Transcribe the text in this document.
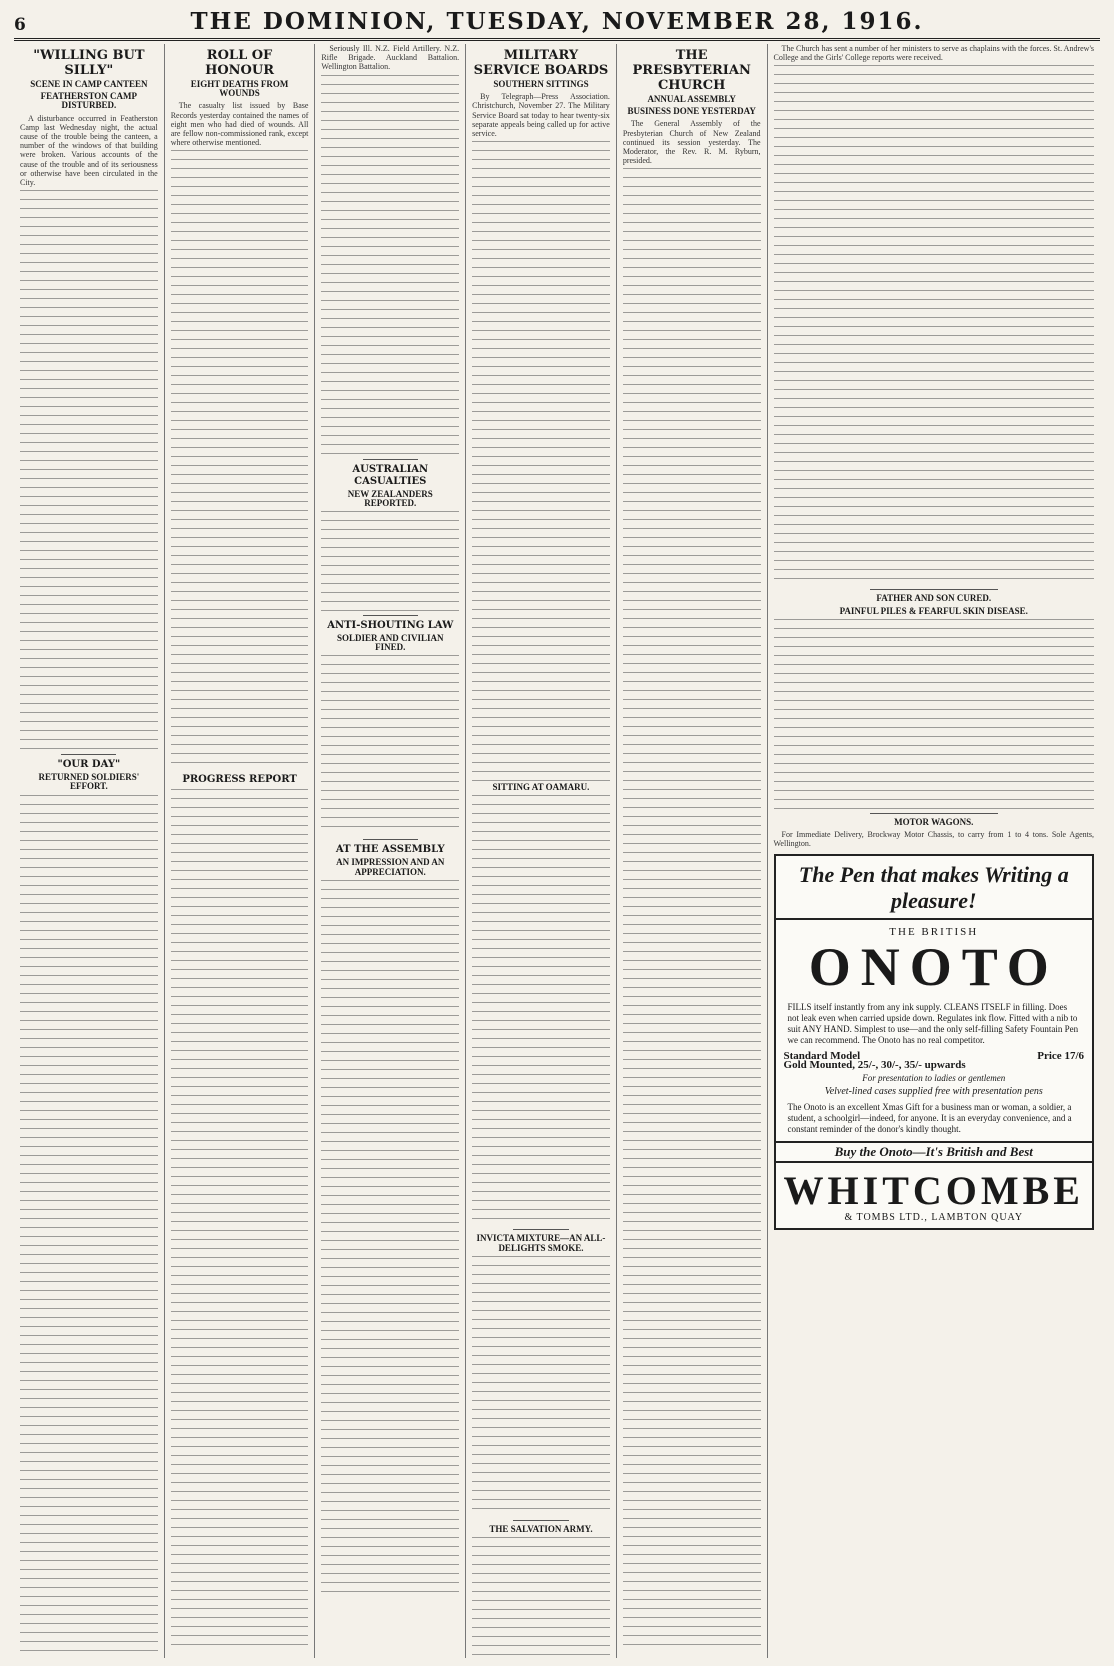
6	THE DOMINION, TUESDAY, NOVEMBER 28, 1916.
"WILLING BUT SILLY"
SCENE IN CAMP CANTEEN
FEATHERSTON CAMP DISTURBED.
A disturbance occurred in Featherston Camp last Wednesday night, the actual cause of the trouble being the canteen, a number of the windows of that building were broken. Various accounts of the cause of the trouble and of its seriousness or otherwise have been circulated in the City.
"OUR DAY"
RETURNED SOLDIERS' EFFORT.
ROLL OF HONOUR
EIGHT DEATHS FROM WOUNDS
The casualty list issued by Base Records yesterday contained the names of eight men who had died of wounds. All are fellow non-commissioned rank, except where otherwise mentioned.
PROGRESS REPORT
Seriously Ill. N.Z. Field Artillery. N.Z. Rifle Brigade. Auckland Battalion. Wellington Battalion.
AUSTRALIAN CASUALTIES
NEW ZEALANDERS REPORTED.
ANTI-SHOUTING LAW
SOLDIER AND CIVILIAN FINED.
AT THE ASSEMBLY
AN IMPRESSION AND AN APPRECIATION.
MILITARY SERVICE BOARDS
SOUTHERN SITTINGS
By Telegraph—Press Association. Christchurch, November 27. The Military Service Board sat today to hear twenty-six separate appeals being called up for active service.
SITTING AT OAMARU.
INVICTA MIXTURE—AN ALL-DELIGHTS SMOKE.
THE SALVATION ARMY.
THE PRESBYTERIAN CHURCH
ANNUAL ASSEMBLY
BUSINESS DONE YESTERDAY
The General Assembly of the Presbyterian Church of New Zealand continued its session yesterday. The Moderator, the Rev. R. M. Ryburn, presided.
The Church has sent a number of her ministers to serve as chaplains with the forces. St. Andrew's College and the Girls' College reports were received.
FATHER AND SON CURED.
PAINFUL PILES & FEARFUL SKIN DISEASE.
MOTOR WAGONS.
For Immediate Delivery, Brockway Motor Chassis, to carry from 1 to 4 tons. Sole Agents, Wellington.
The Pen that makes Writing a pleasure!
THE BRITISH
ONOTO
FILLS itself instantly from any ink supply. CLEANS ITSELF in filling. Does not leak even when carried upside down. Regulates ink flow. Fitted with a nib to suit ANY HAND. Simplest to use—and the only self-filling Safety Fountain Pen we can recommend. The Onoto has no real competitor.
Standard Model	Price 17/6
Gold Mounted, 25/-, 30/-, 35/- upwards
For presentation to ladies or gentlemen
Velvet-lined cases supplied free with presentation pens
The Onoto is an excellent Xmas Gift for a business man or woman, a soldier, a student, a schoolgirl—indeed, for anyone. It is an everyday convenience, and a constant reminder of the donor's kindly thought.
Buy the Onoto—It's British and Best
WHITCOMBE
& TOMBS LTD., LAMBTON QUAY
